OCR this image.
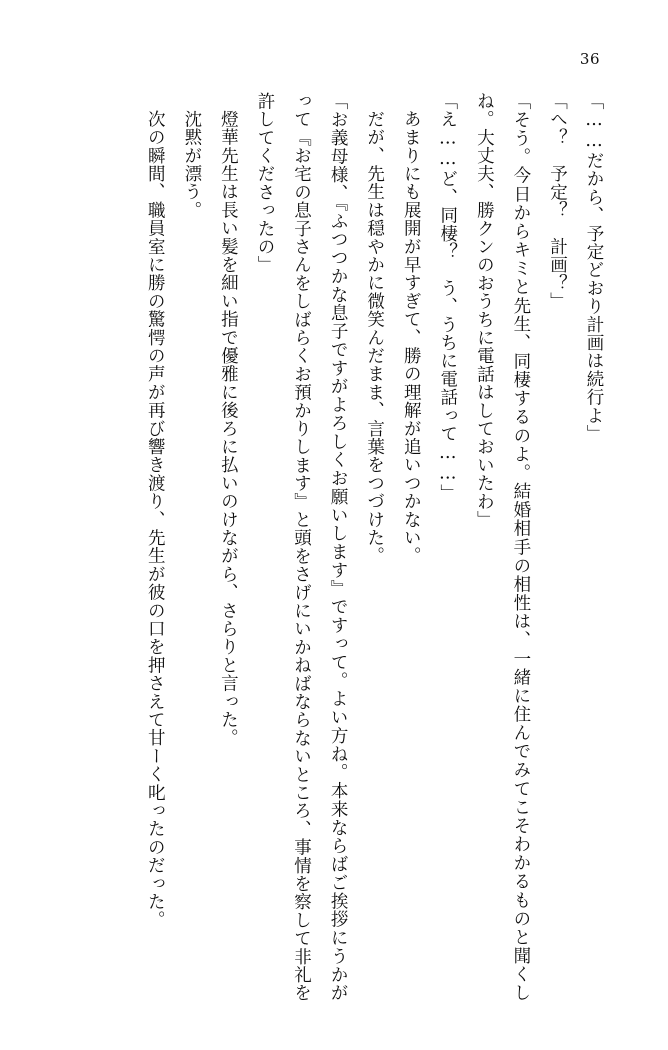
36

「……だから、予定どおり計画は続行よ」

「へ？　予定？　計画？」

「そう。今日からキミと先生、同棲するのよ。結婚相手の相性は、一緒に住んでみてこそわかるものと聞くしね。大丈夫、勝クンのおうちに電話はしておいたわ」

「え……ど、同棲？　う、うちに電話って……」

あまりにも展開が早すぎて、勝の理解が追いつかない。

だが、先生は穏やかに微笑んだまま、言葉をつづけた。

「お義母様、『ふつつかな息子ですがよろしくお願いします』ですって。よい方ね。本来ならばご挨拶にうかがって『お宅の息子さんをしばらくお預かりします』と頭をさげにいかねばならないところ、事情を察して非礼を許してくださったの」

燈華先生は長い髪を細い指で優雅に後ろに払いのけながら、さらりと言った。

沈黙が漂う。

次の瞬間、職員室に勝の驚愕の声が再び響き渡り、先生が彼の口を押さえて甘ーく叱ったのだった。
